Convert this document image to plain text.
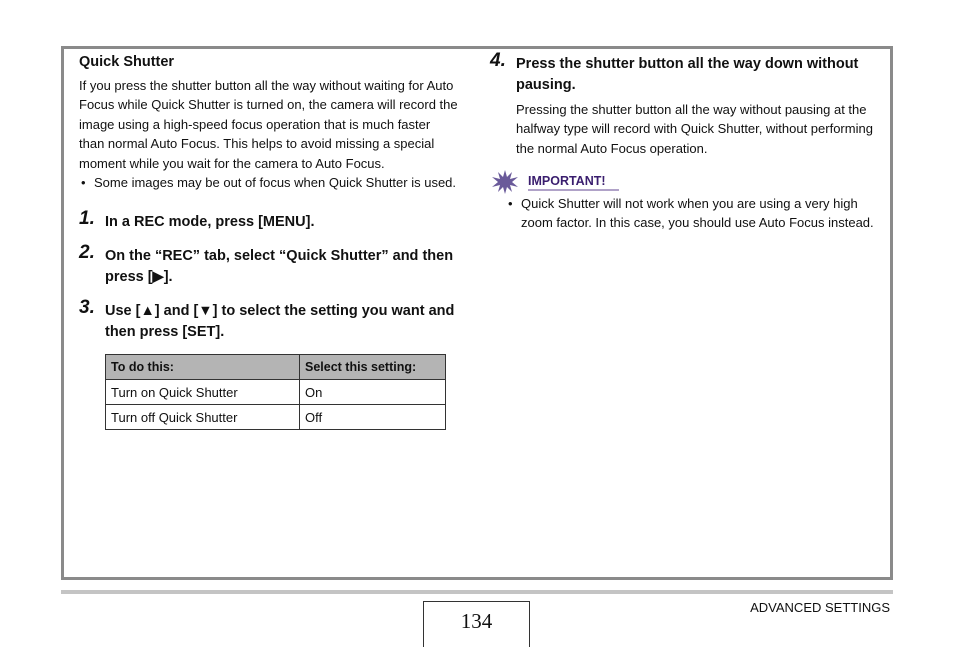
Quick Shutter

If you press the shutter button all the way without waiting for Auto Focus while Quick Shutter is turned on, the camera will record the image using a high-speed focus operation that is much faster than normal Auto Focus. This helps to avoid missing a special moment while you wait for the camera to Auto Focus.

• Some images may be out of focus when Quick Shutter is used.
1. In a REC mode, press [MENU].
2. On the “REC” tab, select “Quick Shutter” and then press [▶].
3. Use [▲] and [▼] to select the setting you want and then press [SET].
To do this:	Select this setting:
Turn on Quick Shutter	On
Turn off Quick Shutter	Off
4. Press the shutter button all the way down without pausing.

Pressing the shutter button all the way without pausing at the halfway type will record with Quick Shutter, without performing the normal Auto Focus operation.

IMPORTANT!
• Quick Shutter will not work when you are using a very high zoom factor. In this case, you should use Auto Focus instead.
134
ADVANCED SETTINGS
